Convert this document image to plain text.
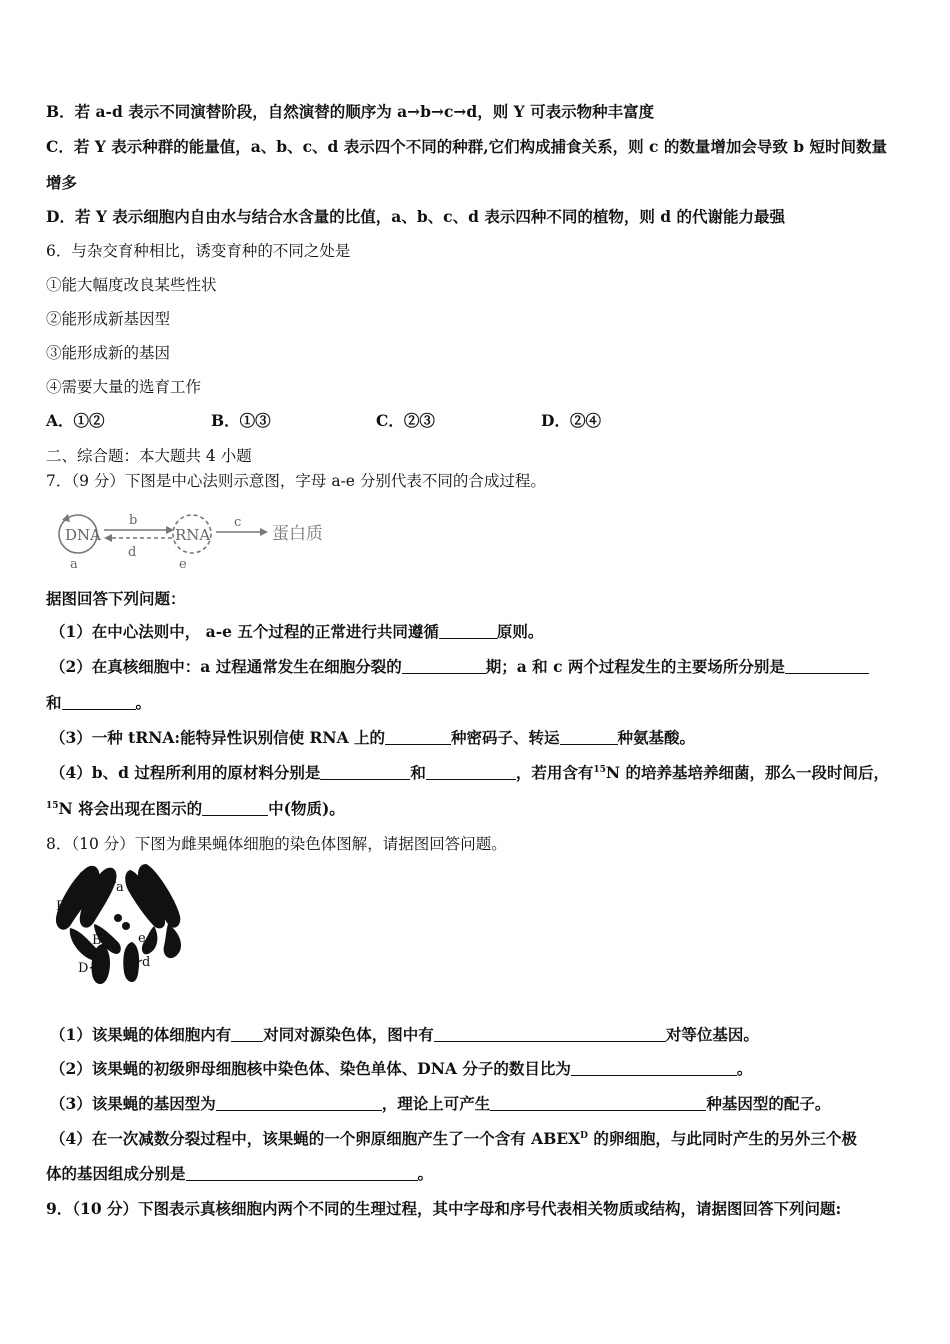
B．若 a-d 表示不同演替阶段，自然演替的顺序为 a→b→c→d，则 Y 可表示物种丰富度
C．若 Y 表示种群的能量值，a、b、c、d 表示四个不同的种群,它们构成捕食关系，则 c 的数量增加会导致 b 短时间数量
增多
D．若 Y 表示细胞内自由水与结合水含量的比值，a、b、c、d 表示四种不同的植物，则 d 的代谢能力最强
6．与杂交育种相比，诱变育种的不同之处是
①能大幅度改良某些性状
②能形成新基因型
③能形成新的基因
④需要大量的选育工作
A．①②	B．①③	C．②③	D．②④
二、综合题：本大题共 4 小题
7．（9 分）下图是中心法则示意图，字母 a-e 分别代表不同的合成过程。
DNA
a
b
d
RNA
e
c
蛋白质
据图回答下列问题：
（1）在中心法则中， a-e 五个过程的正常进行共同遵循	原则。
（2）在真核细胞中：a 过程通常发生在细胞分裂的	期；a 和 c 两个过程发生的主要场所分别是
和	。
（3）一种 tRNA:能特异性识别信使 RNA 上的	种密码子、转运	种氨基酸。
（4）b、d 过程所利用的原材料分别是	和	，若用含有$^{15}$N 的培养基培养细菌，那么一段时间后，
$^{15}$N 将会出现在图示的	中(物质)。
8．（10 分）下图为雌果蝇体细胞的染色体图解，请据图回答问题。
A
a
B	E
B	e
D	d
（1）该果蝇的体细胞内有 对同对源染色体，图中有	对等位基因。
（2）该果蝇的初级卵母细胞核中染色体、染色单体、DNA 分子的数目比为	。
（3）该果蝇的基因型为	，理论上可产生	种基因型的配子。
（4）在一次减数分裂过程中，该果蝇的一个卵原细胞产生了一个含有 $ABEX^D$ 的卵细胞，与此同时产生的另外三个极
体的基因组成分别是	。
9．（10 分）下图表示真核细胞内两个不同的生理过程，其中字母和序号代表相关物质或结构，请据图回答下列问题:
